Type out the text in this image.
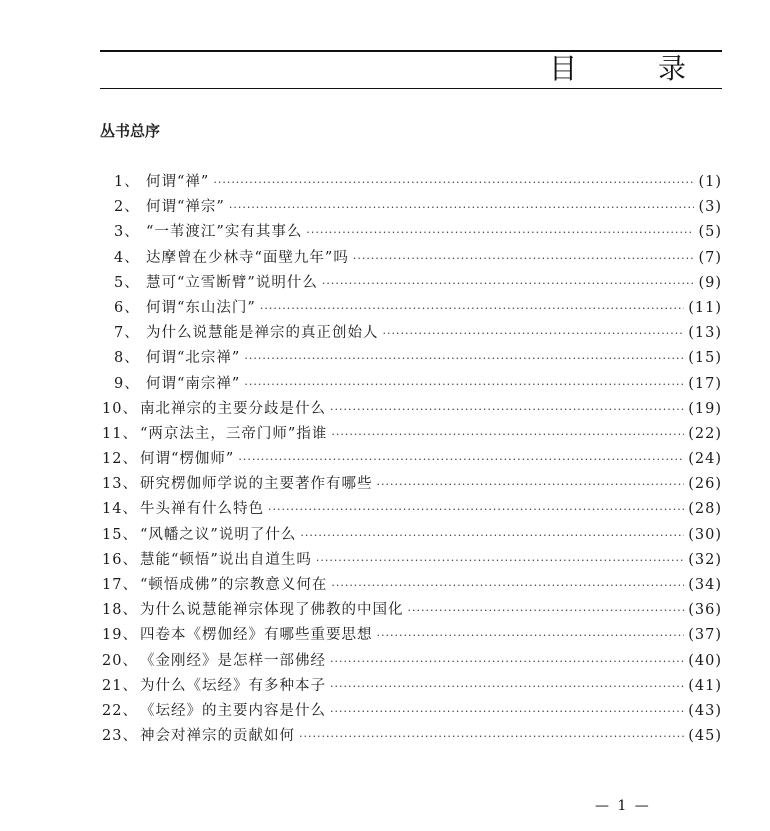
目 录
丛书总序
1、 何谓“禅” ·····	(1)
2、 何谓“禅宗” ·····	(3)
3、 “一苇渡江”实有其事么 ·····	(5)
4、 达摩曾在少林寺“面壁九年”吗 ·····	(7)
5、 慧可“立雪断臂”说明什么 ·····	(9)
6、 何谓“东山法门” ·····	(11)
7、 为什么说慧能是禅宗的真正创始人 ·····	(13)
8、 何谓“北宗禅” ·····	(15)
9、 何谓“南宗禅” ·····	(17)
10、 南北禅宗的主要分歧是什么 ·····	(19)
11、 “两京法主，三帝门师”指谁 ·····	(22)
12、 何谓“楞伽师” ·····	(24)
13、 研究楞伽师学说的主要著作有哪些 ·····	(26)
14、 牛头禅有什么特色 ·····	(28)
15、 “风幡之议”说明了什么 ·····	(30)
16、 慧能“顿悟”说出自道生吗 ·····	(32)
17、 “顿悟成佛”的宗教意义何在 ·····	(34)
18、 为什么说慧能禅宗体现了佛教的中国化 ·····	(36)
19、 四卷本《楞伽经》有哪些重要思想 ·····	(37)
20、 《金刚经》是怎样一部佛经 ·····	(40)
21、 为什么《坛经》有多种本子 ·····	(41)
22、 《坛经》的主要内容是什么 ·····	(43)
23、 神会对禅宗的贡献如何 ·····	(45)
— 1 —
